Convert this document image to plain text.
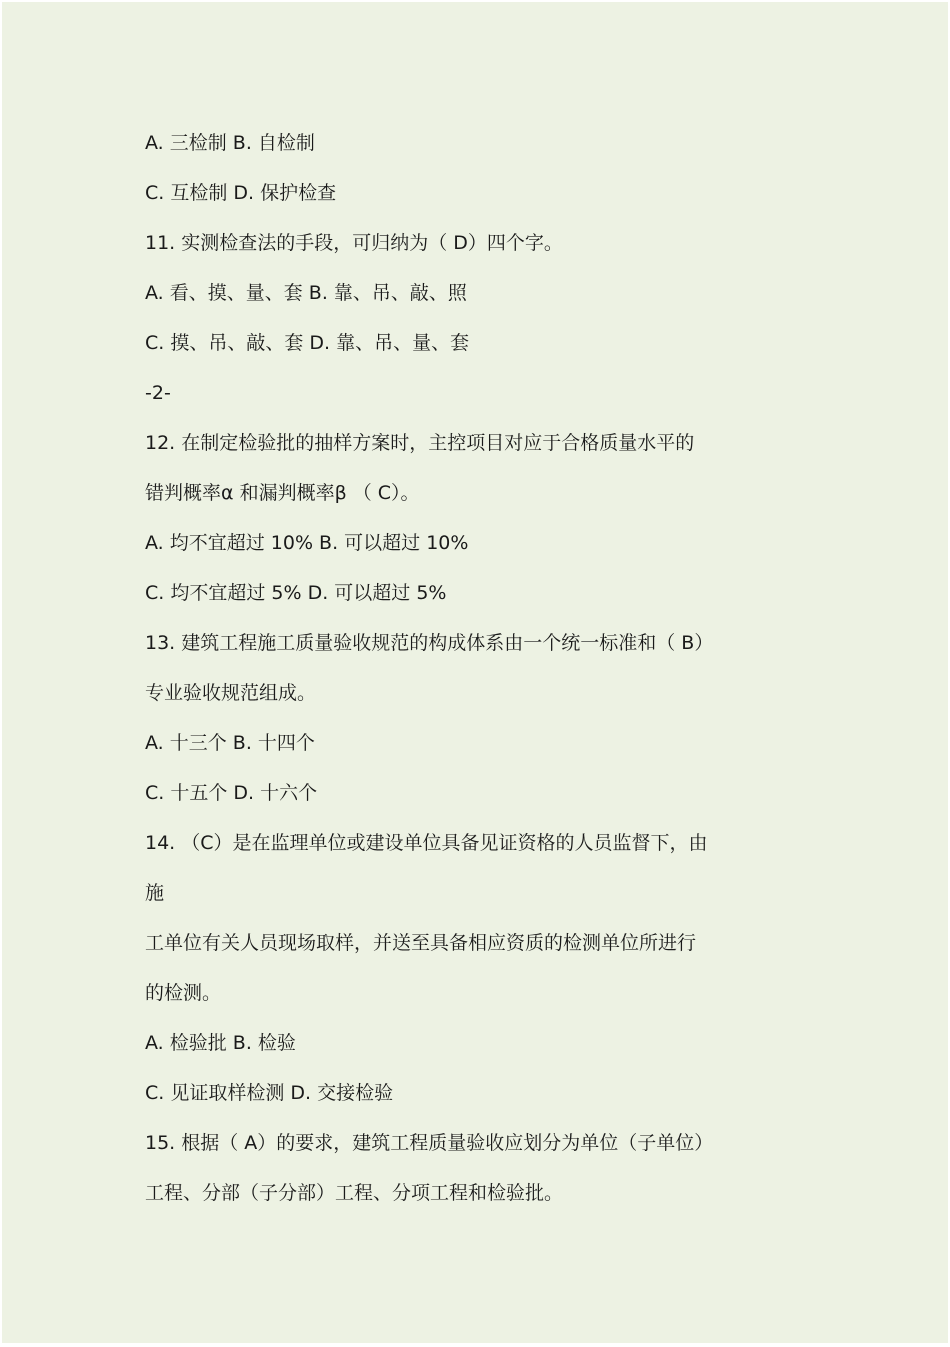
A. 三检制 B. 自检制
C. 互检制 D. 保护检查
11. 实测检查法的手段，可归纳为（ D）四个字。
A. 看、摸、量、套 B. 靠、吊、敲、照
C. 摸、吊、敲、套 D. 靠、吊、量、套
-2-
12. 在制定检验批的抽样方案时，主控项目对应于合格质量水平的
错判概率α 和漏判概率β （ C）。
A. 均不宜超过 10% B. 可以超过 10%
C. 均不宜超过 5% D. 可以超过 5%
13. 建筑工程施工质量验收规范的构成体系由一个统一标准和（ B）
专业验收规范组成。
A. 十三个 B. 十四个
C. 十五个 D. 十六个
14. （C）是在监理单位或建设单位具备见证资格的人员监督下，由
施
工单位有关人员现场取样，并送至具备相应资质的检测单位所进行
的检测。
A. 检验批 B. 检验
C. 见证取样检测 D. 交接检验
15. 根据（ A）的要求，建筑工程质量验收应划分为单位（子单位）
工程、分部（子分部）工程、分项工程和检验批。
